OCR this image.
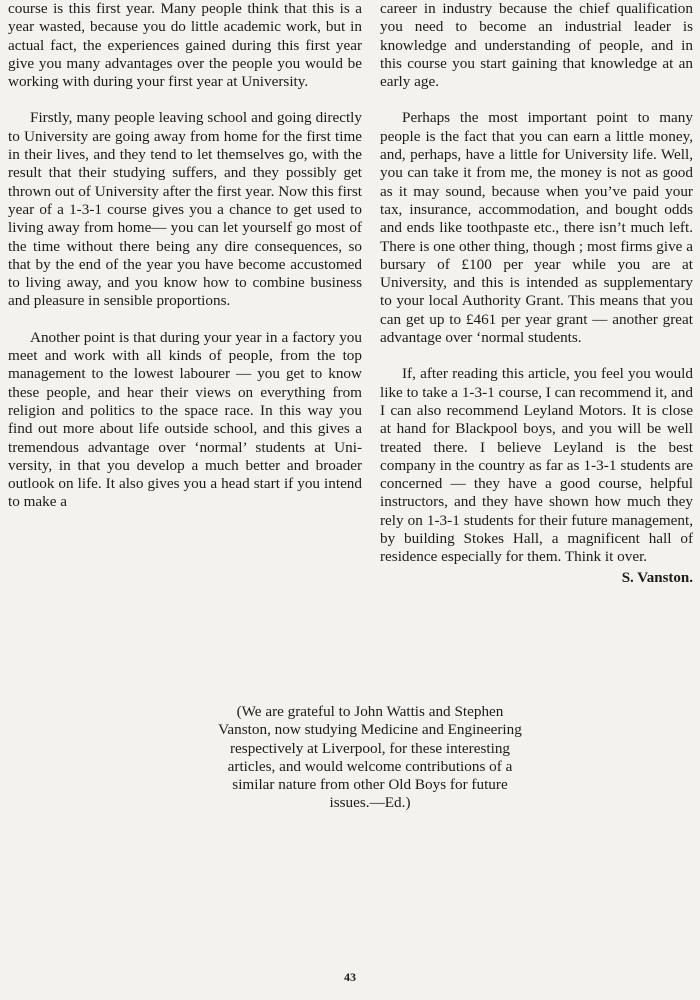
course is this first year. Many people think that this is a year wasted, because you do little academic work, but in actual fact, the experiences gained during this first year give you many advantages over the people you would be working with during your first year at University.

Firstly, many people leaving school and going directly to University are going away from home for the first time in their lives, and they tend to let themselves go, with the result that their studying suffers, and they possibly get thrown out of University after the first year. Now this first year of a 1-3-1 course gives you a chance to get used to living away from home— you can let yourself go most of the time without there being any dire consequences, so that by the end of the year you have become accustomed to living away, and you know how to combine business and pleasure in sensible proportions.

Another point is that during your year in a factory you meet and work with all kinds of people, from the top management to the lowest labourer — you get to know these people, and hear their views on everything from religion and politics to the space race. In this way you find out more about life outside school, and this gives a tremendous advantage over ‘normal’ students at University, in that you develop a much better and broader outlook on life. It also gives you a head start if you intend to make a

career in industry because the chief qualification you need to become an industrial leader is knowledge and understanding of people, and in this course you start gaining that knowledge at an early age.

Perhaps the most important point to many people is the fact that you can earn a little money, and, perhaps, have a little for University life. Well, you can take it from me, the money is not as good as it may sound, because when you’ve paid your tax, insurance, accommodation, and bought odds and ends like toothpaste etc., there isn’t much left. There is one other thing, though ; most firms give a bursary of £100 per year while you are at University, and this is intended as supplementary to your local Authority Grant. This means that you can get up to £461 per year grant — another great advantage over ‘normal students.

If, after reading this article, you feel you would like to take a 1-3-1 course, I can recommend it, and I can also recommend Leyland Motors. It is close at hand for Blackpool boys, and you will be well treated there. I believe Leyland is the best company in the country as far as 1-3-1 students are concerned — they have a good course, helpful instructors, and they have shown how much they rely on 1-3-1 students for their future management, by building Stokes Hall, a magnificent hall of residence especially for them. Think it over.

S. Vanston.
(We are grateful to John Wattis and Stephen Vanston, now studying Medicine and Engineering respectively at Liverpool, for these interesting articles, and would welcome contributions of a similar nature from other Old Boys for future issues.—Ed.)
43
